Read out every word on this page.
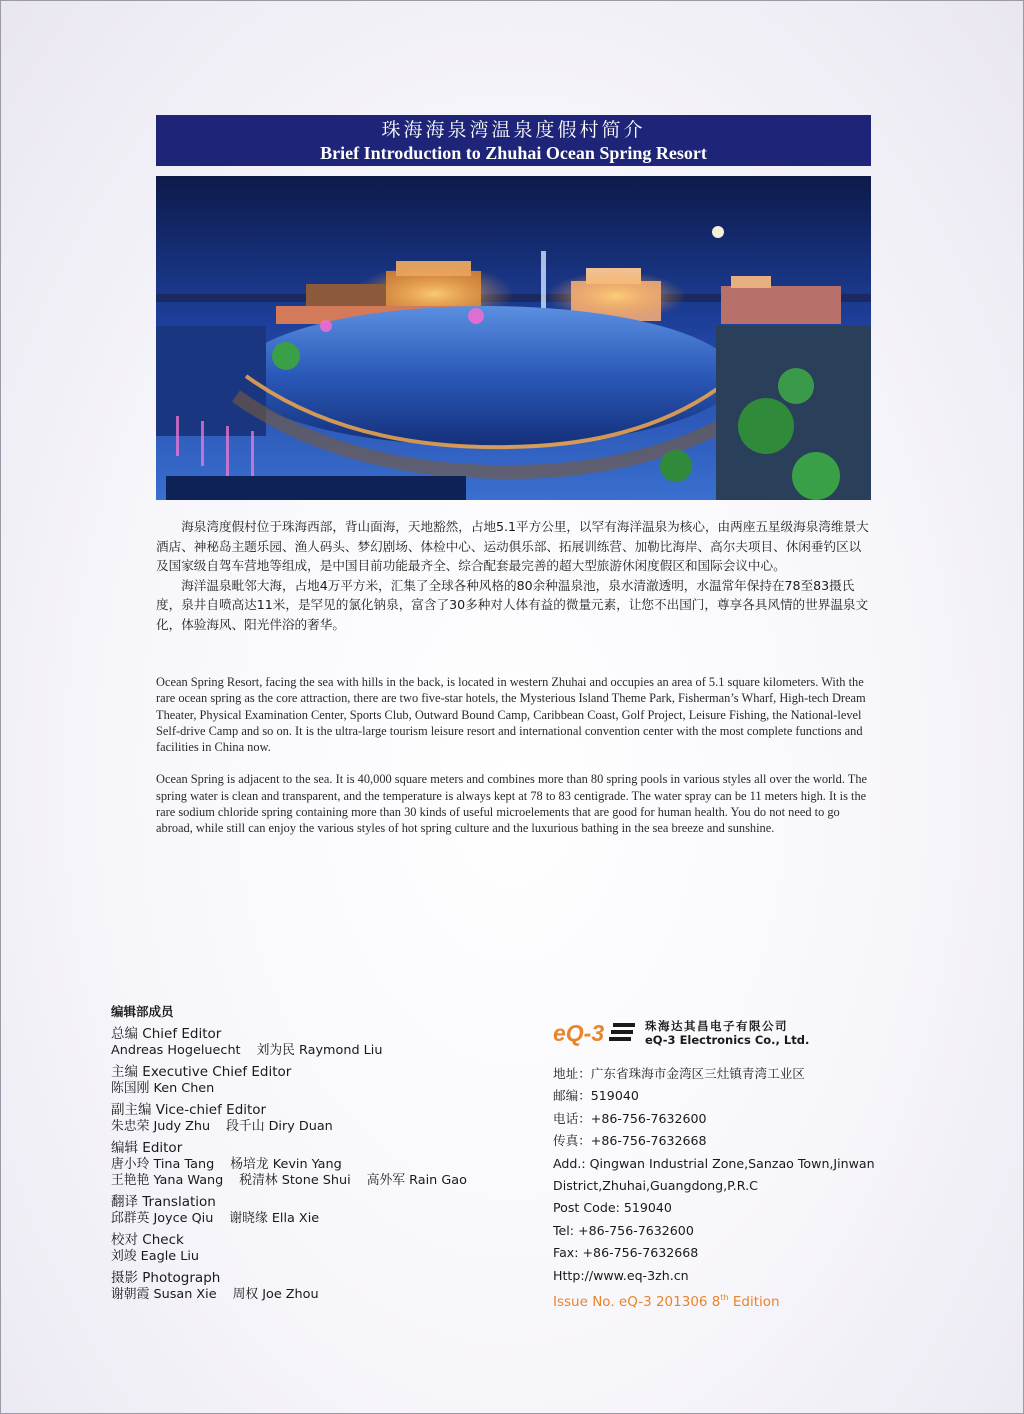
珠海海泉湾温泉度假村简介
Brief Introduction to Zhuhai Ocean Spring Resort

海泉湾度假村位于珠海西部，背山面海，天地豁然，占地5.1平方公里，以罕有海洋温泉为核心，由两座五星级海泉湾维景大酒店、神秘岛主题乐园、渔人码头、梦幻剧场、体检中心、运动俱乐部、拓展训练营、加勒比海岸、高尔夫项目、休闲垂钓区以及国家级自驾车营地等组成，是中国目前功能最齐全、综合配套最完善的超大型旅游休闲度假区和国际会议中心。

海洋温泉毗邻大海，占地4万平方米，汇集了全球各种风格的80余种温泉池，泉水清澈透明，水温常年保持在78至83摄氏度，泉井自喷高达11米，是罕见的氯化钠泉，富含了30多种对人体有益的微量元素，让您不出国门，尊享各具风情的世界温泉文化，体验海风、阳光伴浴的奢华。

Ocean Spring Resort, facing the sea with hills in the back, is located in western Zhuhai and occupies an area of 5.1 square kilometers. With the rare ocean spring as the core attraction, there are two five-star hotels, the Mysterious Island Theme Park, Fisherman’s Wharf, High-tech Dream Theater, Physical Examination Center, Sports Club, Outward Bound Camp, Caribbean Coast, Golf Project, Leisure Fishing, the National-level Self-drive Camp and so on. It is the ultra-large tourism leisure resort and international convention center with the most complete functions and facilities in China now.

Ocean Spring is adjacent to the sea. It is 40,000 square meters and combines more than 80 spring pools in various styles all over the world. The spring water is clean and transparent, and the temperature is always kept at 78 to 83 centigrade. The water spray can be 11 meters high. It is the rare sodium chloride spring containing more than 30 kinds of useful microelements that are good for human health. You do not need to go abroad, while still can enjoy the various styles of hot spring culture and the luxurious bathing in the sea breeze and sunshine.

编辑部成员
总编 Chief Editor
Andreas Hogeluecht 刘为民 Raymond Liu
主编 Executive Chief Editor
陈国刚 Ken Chen
副主编 Vice-chief Editor
朱忠荣 Judy Zhu 段千山 Diry Duan
编辑 Editor
唐小玲 Tina Tang 杨培龙 Kevin Yang
王艳艳 Yana Wang 税清林 Stone Shui 高外军 Rain Gao
翻译 Translation
邱群英 Joyce Qiu 谢晓缘 Ella Xie
校对 Check
刘竣 Eagle Liu
摄影 Photograph
谢朝霞 Susan Xie 周权 Joe Zhou
eQ-3	珠海达其昌电子有限公司
eQ-3 Electronics Co., Ltd.
地址：广东省珠海市金湾区三灶镇青湾工业区
邮编：519040
电话：+86-756-7632600
传真：+86-756-7632668
Add.: Qingwan Industrial Zone,Sanzao Town,Jinwan
District,Zhuhai,Guangdong,P.R.C
Post Code: 519040
Tel: +86-756-7632600
Fax: +86-756-7632668
Http://www.eq-3zh.cn
Issue No. eQ-3 201306 8th Edition
